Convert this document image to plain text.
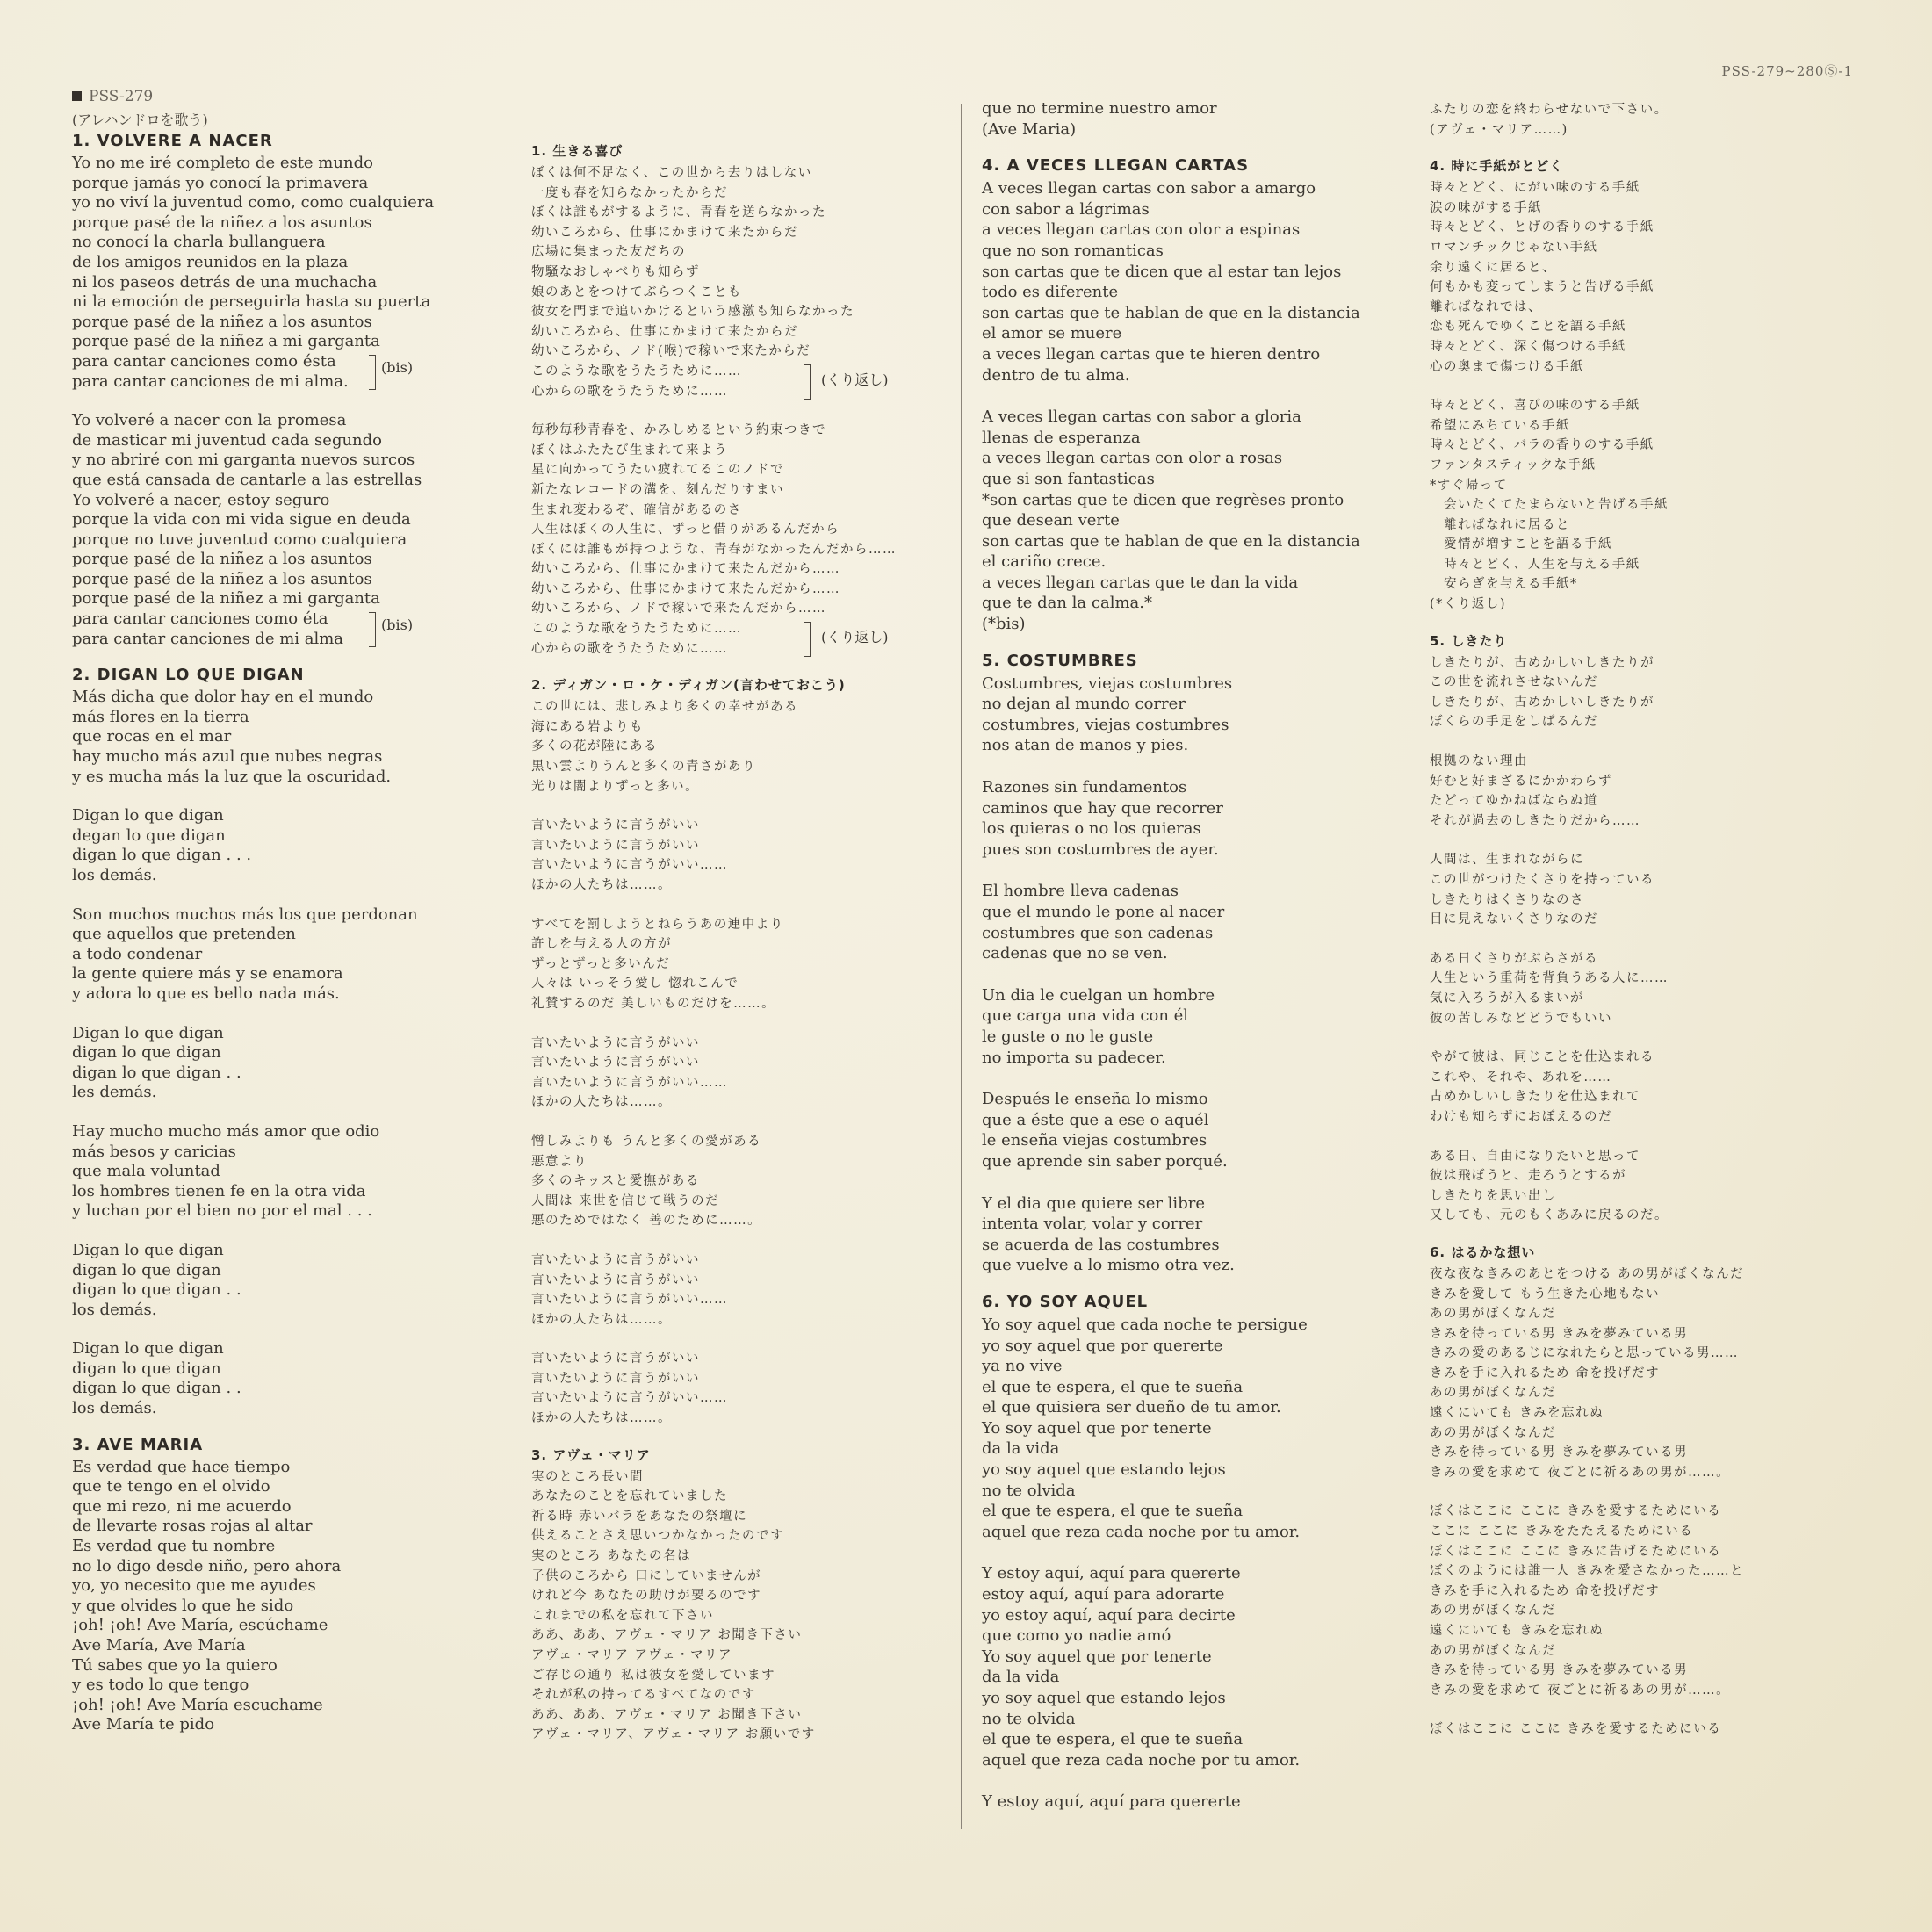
PSS-279~280Ⓢ-1
PSS-279
(アレハンドロを歌う)
1. VOLVERE A NACER
Yo no me iré completo de este mundo
porque jamás yo conocí la primavera
yo no viví la juventud como, como cualquiera
porque pasé de la niñez a los asuntos
no conocí la charla bullanguera
de los amigos reunidos en la plaza
ni los paseos detrás de una muchacha
ni la emoción de perseguirla hasta su puerta
porque pasé de la niñez a los asuntos
porque pasé de la niñez a mi garganta
para cantar canciones como ésta
para cantar canciones de mi alma.
(bis)
Yo volveré a nacer con la promesa
de masticar mi juventud cada segundo
y no abriré con mi garganta nuevos surcos
que está cansada de cantarle a las estrellas
Yo volveré a nacer, estoy seguro
porque la vida con mi vida sigue en deuda
porque no tuve juventud como cualquiera
porque pasé de la niñez a los asuntos
porque pasé de la niñez a los asuntos
porque pasé de la niñez a mi garganta
para cantar canciones como éta
para cantar canciones de mi alma
(bis)
2. DIGAN LO QUE DIGAN
Más dicha que dolor hay en el mundo
más flores en la tierra
que rocas en el mar
hay mucho más azul que nubes negras
y es mucha más la luz que la oscuridad.
Digan lo que digan
degan lo que digan
digan lo que digan . . .
los demás.
Son muchos muchos más los que perdonan
que aquellos que pretenden
a todo condenar
la gente quiere más y se enamora
y adora lo que es bello nada más.
Digan lo que digan
digan lo que digan
digan lo que digan . .
les demás.
Hay mucho mucho más amor que odio
más besos y caricias
que mala voluntad
los hombres tienen fe en la otra vida
y luchan por el bien no por el mal . . .
Digan lo que digan
digan lo que digan
digan lo que digan . .
los demás.
Digan lo que digan
digan lo que digan
digan lo que digan . .
los demás.
3. AVE MARIA
Es verdad que hace tiempo
que te tengo en el olvido
que mi rezo, ni me acuerdo
de llevarte rosas rojas al altar
Es verdad que tu nombre
no lo digo desde niño, pero ahora
yo, yo necesito que me ayudes
y que olvides lo que he sido
¡oh! ¡oh! Ave María, escúchame
Ave María, Ave María
Tú sabes que yo la quiero
y es todo lo que tengo
¡oh! ¡oh! Ave María escuchame
Ave María te pido
1. 生きる喜び
ぼくは何不足なく、この世から去りはしない
一度も春を知らなかったからだ
ぼくは誰もがするように、青春を送らなかった
幼いころから、仕事にかまけて来たからだ
広場に集まった友だちの
物騒なおしゃべりも知らず
娘のあとをつけてぶらつくことも
彼女を門まで追いかけるという感激も知らなかった
幼いころから、仕事にかまけて来たからだ
幼いころから、ノド(喉)で稼いで来たからだ
このような歌をうたうために……
心からの歌をうたうために……
(くり返し)
毎秒毎秒青春を、かみしめるという約束つきで
ぼくはふたたび生まれて来よう
星に向かってうたい疲れてるこのノドで
新たなレコードの溝を、刻んだりすまい
生まれ変わるぞ、確信があるのさ
人生はぼくの人生に、ずっと借りがあるんだから
ぼくには誰もが持つような、青春がなかったんだから……
幼いころから、仕事にかまけて来たんだから……
幼いころから、仕事にかまけて来たんだから……
幼いころから、ノドで稼いで来たんだから……
このような歌をうたうために……
心からの歌をうたうために……
(くり返し)
2. ディガン・ロ・ケ・ディガン(言わせておこう)
この世には、悲しみより多くの幸せがある
海にある岩よりも
多くの花が陸にある
黒い雲よりうんと多くの青さがあり
光りは闇よりずっと多い。
言いたいように言うがいい
言いたいように言うがいい
言いたいように言うがいい……
ほかの人たちは……。
すべてを罰しようとねらうあの連中より
許しを与える人の方が
ずっとずっと多いんだ
人々は いっそう愛し 惚れこんで
礼賛するのだ 美しいものだけを……。
言いたいように言うがいい
言いたいように言うがいい
言いたいように言うがいい……
ほかの人たちは……。
憎しみよりも うんと多くの愛がある
悪意より
多くのキッスと愛撫がある
人間は 来世を信じて戦うのだ
悪のためではなく 善のために……。
言いたいように言うがいい
言いたいように言うがいい
言いたいように言うがいい……
ほかの人たちは……。
言いたいように言うがいい
言いたいように言うがいい
言いたいように言うがいい……
ほかの人たちは……。
3. アヴェ・マリア
実のところ長い間
あなたのことを忘れていました
祈る時 赤いバラをあなたの祭壇に
供えることさえ思いつかなかったのです
実のところ あなたの名は
子供のころから 口にしていませんが
けれど今 あなたの助けが要るのです
これまでの私を忘れて下さい
ああ、ああ、アヴェ・マリア お聞き下さい
アヴェ・マリア アヴェ・マリア
ご存じの通り 私は彼女を愛しています
それが私の持ってるすべてなのです
ああ、ああ、アヴェ・マリア お聞き下さい
アヴェ・マリア、アヴェ・マリア お願いです
que no termine nuestro amor
(Ave Maria)
4. A VECES LLEGAN CARTAS
A veces llegan cartas con sabor a amargo
con sabor a lágrimas
a veces llegan cartas con olor a espinas
que no son romanticas
son cartas que te dicen que al estar tan lejos
todo es diferente
son cartas que te hablan de que en la distancia
el amor se muere
a veces llegan cartas que te hieren dentro
dentro de tu alma.
A veces llegan cartas con sabor a gloria
llenas de esperanza
a veces llegan cartas con olor a rosas
que si son fantasticas
*son cartas que te dicen que regrèses pronto
que desean verte
son cartas que te hablan de que en la distancia
el cariño crece.
a veces llegan cartas que te dan la vida
que te dan la calma.*
(*bis)
5. COSTUMBRES
Costumbres, viejas costumbres
no dejan al mundo correr
costumbres, viejas costumbres
nos atan de manos y pies.
Razones sin fundamentos
caminos que hay que recorrer
los quieras o no los quieras
pues son costumbres de ayer.
El hombre lleva cadenas
que el mundo le pone al nacer
costumbres que son cadenas
cadenas que no se ven.
Un dia le cuelgan un hombre
que carga una vida con él
le guste o no le guste
no importa su padecer.
Después le enseña lo mismo
que a éste que a ese o aquél
le enseña viejas costumbres
que aprende sin saber porqué.
Y el dia que quiere ser libre
intenta volar, volar y correr
se acuerda de las costumbres
que vuelve a lo mismo otra vez.
6. YO SOY AQUEL
Yo soy aquel que cada noche te persigue
yo soy aquel que por quererte
ya no vive
el que te espera, el que te sueña
el que quisiera ser dueño de tu amor.
Yo soy aquel que por tenerte
da la vida
yo soy aquel que estando lejos
no te olvida
el que te espera, el que te sueña
aquel que reza cada noche por tu amor.
Y estoy aquí, aquí para quererte
estoy aquí, aquí para adorarte
yo estoy aquí, aquí para decirte
que como yo nadie amó
Yo soy aquel que por tenerte
da la vida
yo soy aquel que estando lejos
no te olvida
el que te espera, el que te sueña
aquel que reza cada noche por tu amor.
Y estoy aquí, aquí para quererte
ふたりの恋を終わらせないで下さい。
(アヴェ・マリア……)
4. 時に手紙がとどく
時々とどく、にがい味のする手紙
涙の味がする手紙
時々とどく、とげの香りのする手紙
ロマンチックじゃない手紙
余り遠くに居ると、
何もかも変ってしまうと告げる手紙
離ればなれでは、
恋も死んでゆくことを語る手紙
時々とどく、深く傷つける手紙
心の奥まで傷つける手紙
時々とどく、喜びの味のする手紙
希望にみちている手紙
時々とどく、バラの香りのする手紙
ファンタスティックな手紙
*すぐ帰って
　会いたくてたまらないと告げる手紙
　離ればなれに居ると
　愛情が増すことを語る手紙
　時々とどく、人生を与える手紙
　安らぎを与える手紙*
(*くり返し)
5. しきたり
しきたりが、古めかしいしきたりが
この世を流れさせないんだ
しきたりが、古めかしいしきたりが
ぼくらの手足をしばるんだ
根拠のない理由
好むと好まざるにかかわらず
たどってゆかねばならぬ道
それが過去のしきたりだから……
人間は、生まれながらに
この世がつけたくさりを持っている
しきたりはくさりなのさ
目に見えないくさりなのだ
ある日くさりがぶらさがる
人生という重荷を背負うある人に……
気に入ろうが入るまいが
彼の苦しみなどどうでもいい
やがて彼は、同じことを仕込まれる
これや、それや、あれを……
古めかしいしきたりを仕込まれて
わけも知らずにおぼえるのだ
ある日、自由になりたいと思って
彼は飛ぼうと、走ろうとするが
しきたりを思い出し
又しても、元のもくあみに戻るのだ。
6. はるかな想い
夜な夜なきみのあとをつける あの男がぼくなんだ
きみを愛して もう生きた心地もない
あの男がぼくなんだ
きみを待っている男 きみを夢みている男
きみの愛のあるじになれたらと思っている男……
きみを手に入れるため 命を投げだす
あの男がぼくなんだ
遠くにいても きみを忘れぬ
あの男がぼくなんだ
きみを待っている男 きみを夢みている男
きみの愛を求めて 夜ごとに祈るあの男が……。
ぼくはここに ここに きみを愛するためにいる
ここに ここに きみをたたえるためにいる
ぼくはここに ここに きみに告げるためにいる
ぼくのようには誰一人 きみを愛さなかった……と
きみを手に入れるため 命を投げだす
あの男がぼくなんだ
遠くにいても きみを忘れぬ
あの男がぼくなんだ
きみを待っている男 きみを夢みている男
きみの愛を求めて 夜ごとに祈るあの男が……。
ぼくはここに ここに きみを愛するためにいる
